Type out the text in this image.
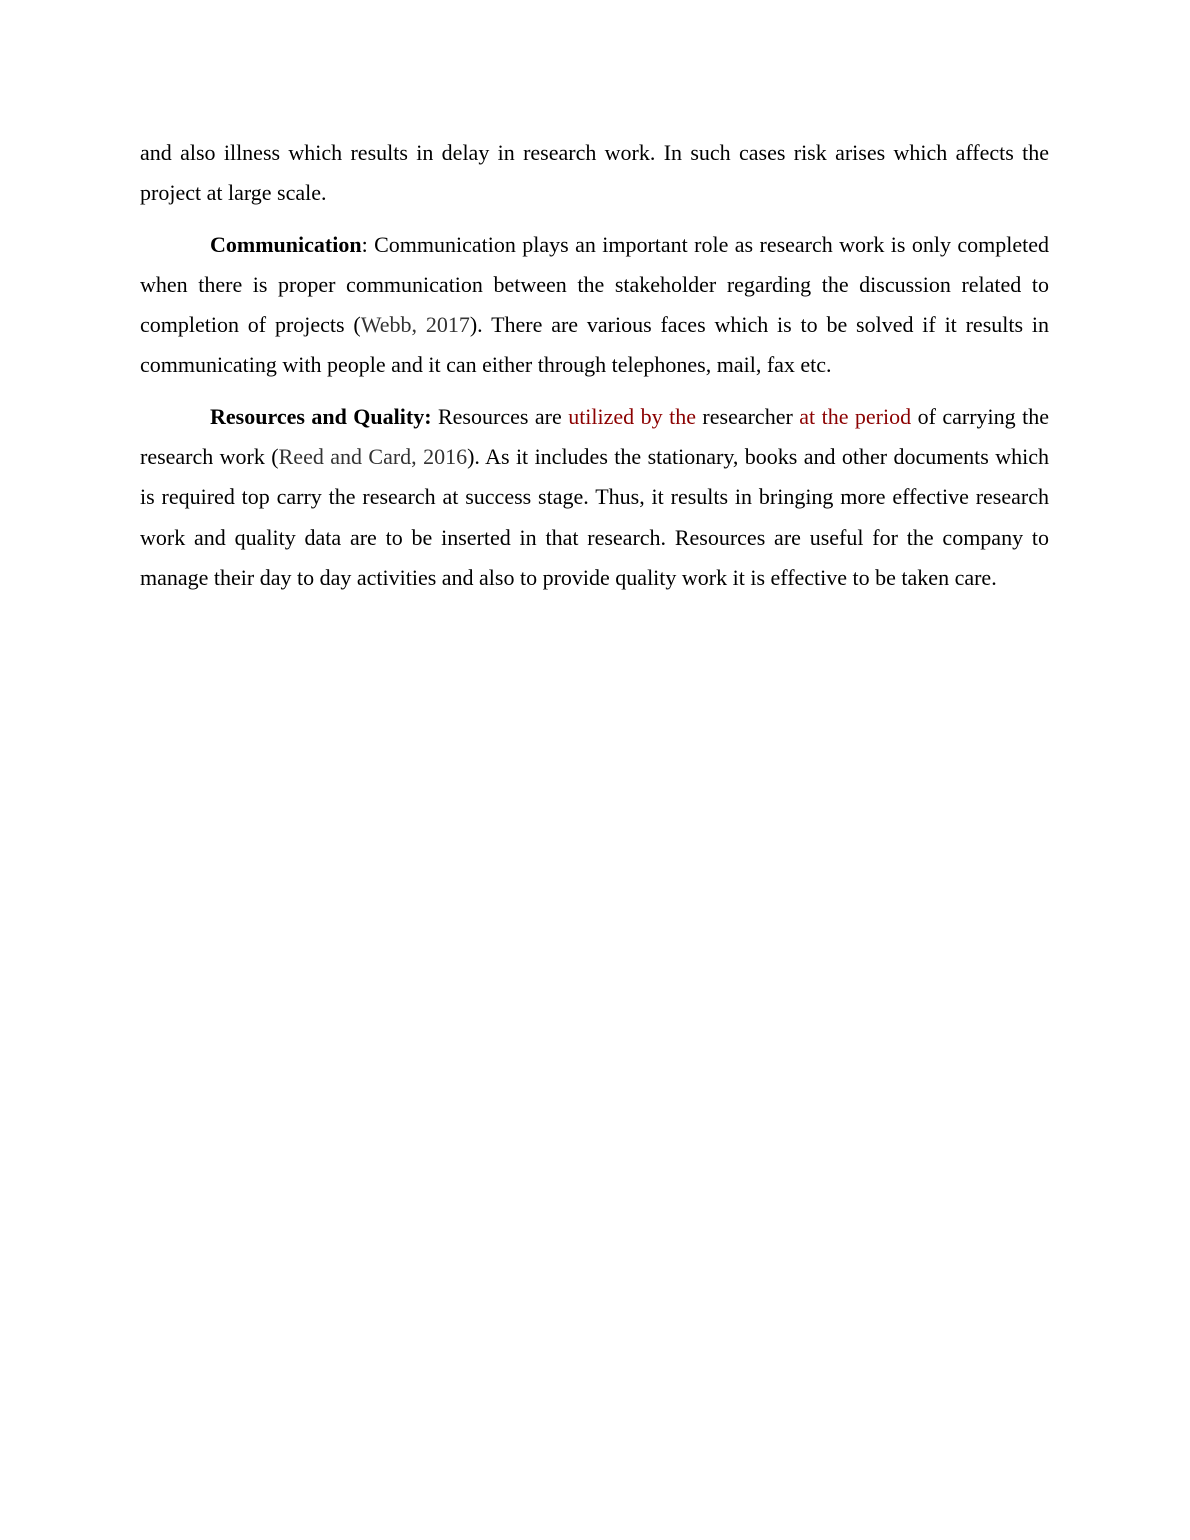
and also illness which results in delay in research work. In such cases risk arises which affects the project at large scale.

Communication: Communication plays an important role as research work is only completed when there is proper communication between the stakeholder regarding the discussion related to completion of projects (Webb, 2017). There are various faces which is to be solved if it results in communicating with people and it can either through telephones, mail, fax etc.

Resources and Quality: Resources are utilized by the researcher at the period of carrying the research work (Reed and Card, 2016). As it includes the stationary, books and other documents which is required top carry the research at success stage. Thus, it results in bringing more effective research work and quality data are to be inserted in that research. Resources are useful for the company to manage their day to day activities and also to provide quality work it is effective to be taken care.
